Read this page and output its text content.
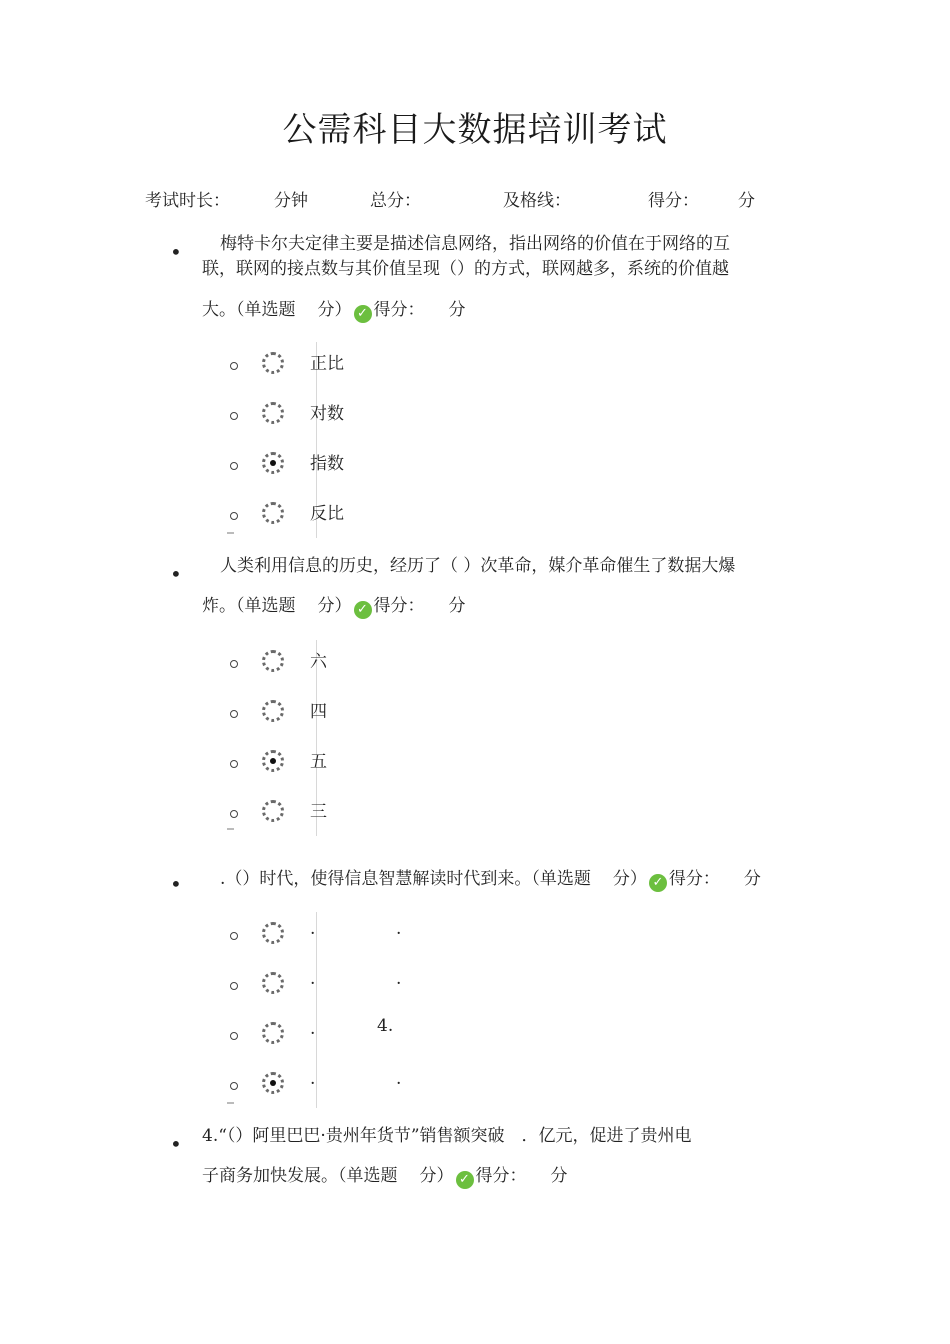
公需科目大数据培训考试
考试时长：	分钟	总分：	及格线：	得分： 分
•	梅特卡尔夫定律主要是描述信息网络，指出网络的价值在于网络的互
联，联网的接点数与其价值呈现（）的方式，联网越多，系统的价值越
大。（单选题 分） ✓ 得分： 分
正比
对数
指数
反比
•	人类利用信息的历史，经历了（ ）次革命，媒介革命催生了数据大爆
炸。（单选题 分） ✓ 得分： 分
六
四
五
三
• .（）时代，使得信息智慧解读时代到来。（单选题 分） ✓ 得分： 分
.	.
.	.
.	4.
.	.
• 4.“（）阿里巴巴·贵州年货节”销售额突破　．亿元，促进了贵州电
子商务加快发展。（单选题 分） ✓ 得分： 分
